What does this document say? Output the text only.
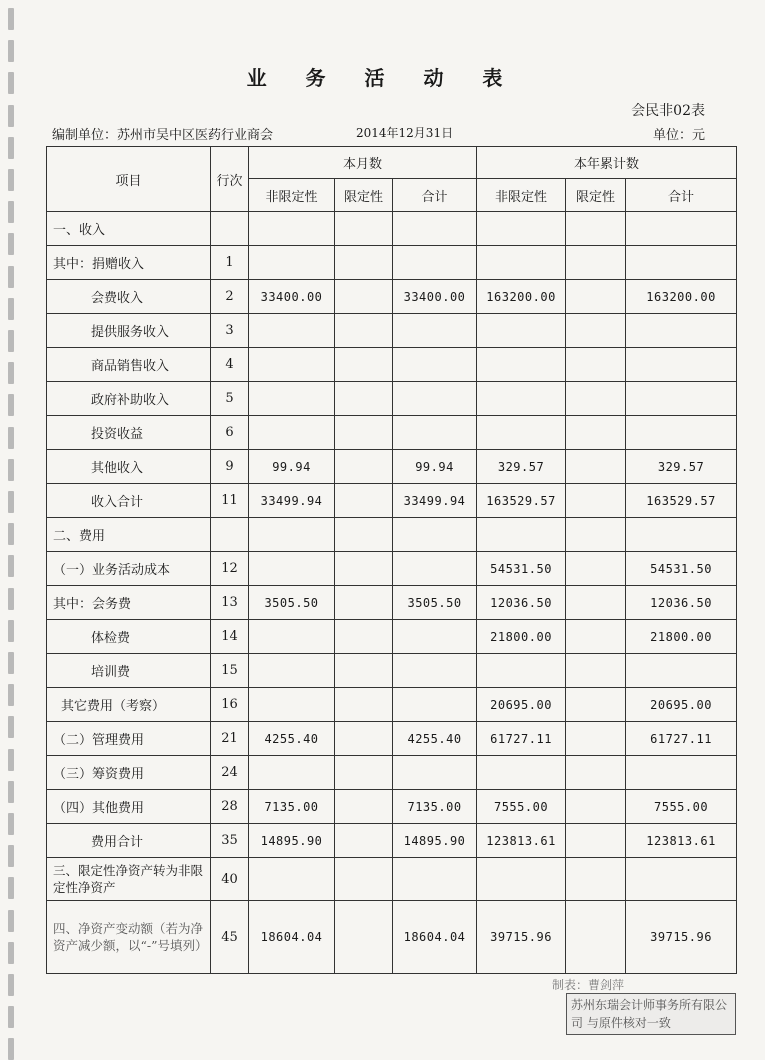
业 务 活 动 表
会民非02表
编制单位：苏州市吴中区医药行业商会	2014年12月31日	单位：元
项目	行次	本月数			本年累计数		
		非限定性	限定性	合计	非限定性	限定性	合计
一、收入							
其中：捐赠收入	1						
会费收入	2	33400.00		33400.00	163200.00		163200.00
提供服务收入	3						
商品销售收入	4						
政府补助收入	5						
投资收益	6						
其他收入	9	99.94		99.94	329.57		329.57
收入合计	11	33499.94		33499.94	163529.57		163529.57
二、费用							
（一）业务活动成本	12				54531.50		54531.50
其中：会务费	13	3505.50		3505.50	12036.50		12036.50
体检费	14				21800.00		21800.00
培训费	15						
其它费用（考察）	16				20695.00		20695.00
（二）管理费用	21	4255.40		4255.40	61727.11		61727.11
（三）筹资费用	24						
（四）其他费用	28	7135.00		7135.00	7555.00		7555.00
费用合计	35	14895.90		14895.90	123813.61		123813.61
三、限定性净资产转为非限定性净资产	40						
四、净资产变动额（若为净资产减少额，以“-”号填列）	45	18604.04		18604.04	39715.96		39715.96
制表：曹剑萍
苏州东瑞会计师事务所有限公司 与原件核对一致
